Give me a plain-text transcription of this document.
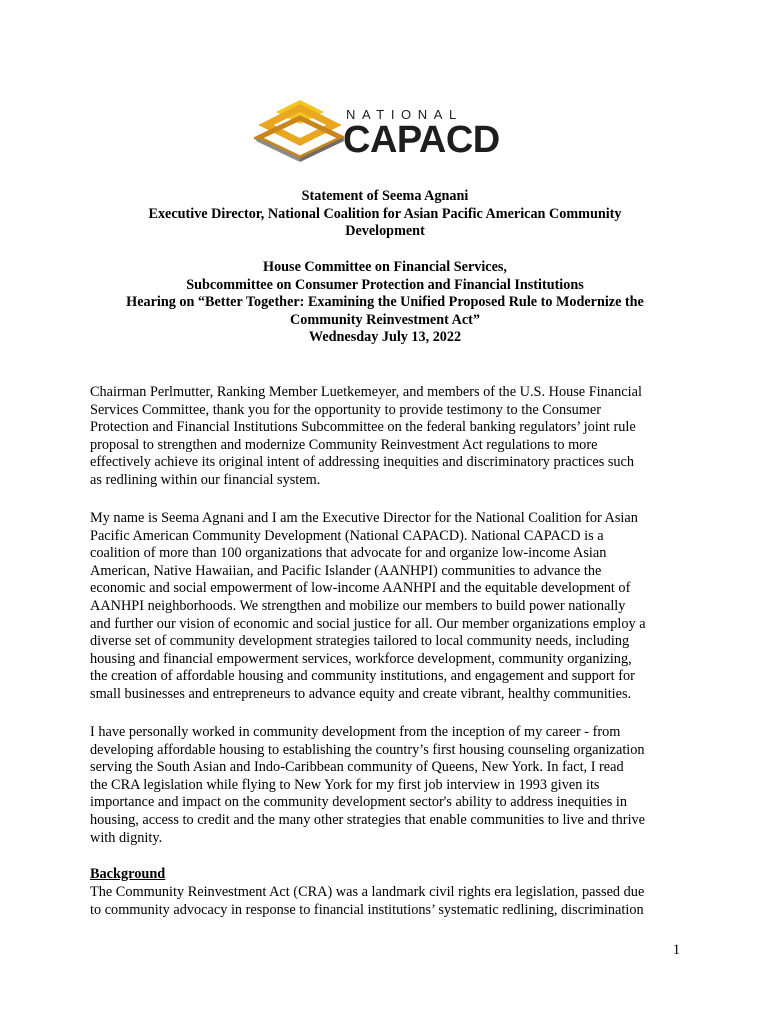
NATIONAL
CAPACD
Statement of Seema Agnani
Executive Director, National Coalition for Asian Pacific American Community
Development
House Committee on Financial Services,
Subcommittee on Consumer Protection and Financial Institutions
Hearing on “Better Together: Examining the Unified Proposed Rule to Modernize the
Community Reinvestment Act”
Wednesday July 13, 2022
Chairman Perlmutter, Ranking Member Luetkemeyer, and members of the U.S. House Financial
Services Committee, thank you for the opportunity to provide testimony to the Consumer
Protection and Financial Institutions Subcommittee on the federal banking regulators’ joint rule
proposal to strengthen and modernize Community Reinvestment Act regulations to more
effectively achieve its original intent of addressing inequities and discriminatory practices such
as redlining within our financial system.
My name is Seema Agnani and I am the Executive Director for the National Coalition for Asian
Pacific American Community Development (National CAPACD). National CAPACD is a
coalition of more than 100 organizations that advocate for and organize low-income Asian
American, Native Hawaiian, and Pacific Islander (AANHPI) communities to advance the
economic and social empowerment of low-income AANHPI and the equitable development of
AANHPI neighborhoods. We strengthen and mobilize our members to build power nationally
and further our vision of economic and social justice for all. Our member organizations employ a
diverse set of community development strategies tailored to local community needs, including
housing and financial empowerment services, workforce development, community organizing,
the creation of affordable housing and community institutions, and engagement and support for
small businesses and entrepreneurs to advance equity and create vibrant, healthy communities.
I have personally worked in community development from the inception of my career - from
developing affordable housing to establishing the country’s first housing counseling organization
serving the South Asian and Indo-Caribbean community of Queens, New York. In fact, I read
the CRA legislation while flying to New York for my first job interview in 1993 given its
importance and impact on the community development sector's ability to address inequities in
housing, access to credit and the many other strategies that enable communities to live and thrive
with dignity.
Background
The Community Reinvestment Act (CRA) was a landmark civil rights era legislation, passed due
to community advocacy in response to financial institutions’ systematic redlining, discrimination
1
